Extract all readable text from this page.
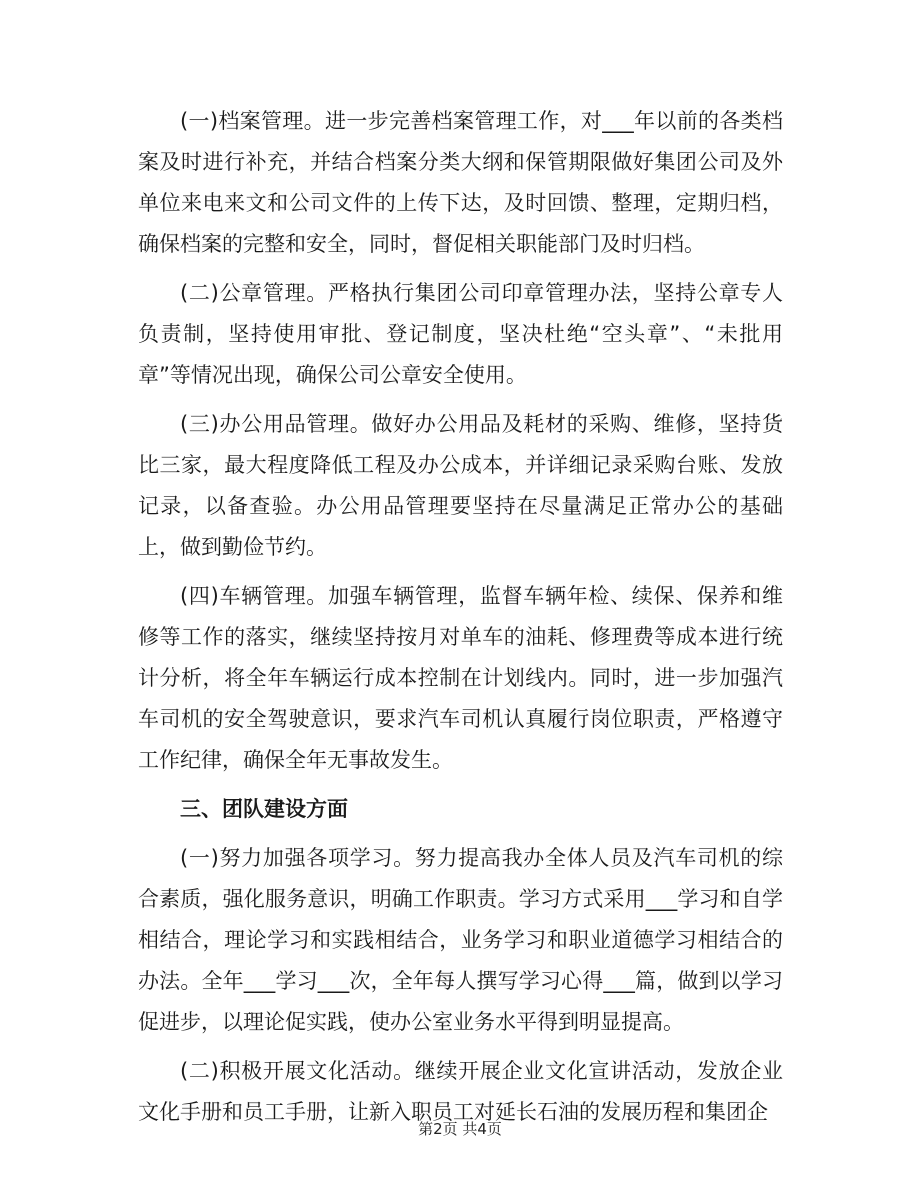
(一)档案管理。进一步完善档案管理工作，对___年以前的各类档案及时进行补充，并结合档案分类大纲和保管期限做好集团公司及外单位来电来文和公司文件的上传下达，及时回馈、整理，定期归档，确保档案的完整和安全，同时，督促相关职能部门及时归档。

(二)公章管理。严格执行集团公司印章管理办法，坚持公章专人负责制，坚持使用审批、登记制度，坚决杜绝“空头章”、“未批用章”等情况出现，确保公司公章安全使用。

(三)办公用品管理。做好办公用品及耗材的采购、维修，坚持货比三家，最大程度降低工程及办公成本，并详细记录采购台账、发放记录，以备查验。办公用品管理要坚持在尽量满足正常办公的基础上，做到勤俭节约。

(四)车辆管理。加强车辆管理，监督车辆年检、续保、保养和维修等工作的落实，继续坚持按月对单车的油耗、修理费等成本进行统计分析，将全年车辆运行成本控制在计划线内。同时，进一步加强汽车司机的安全驾驶意识，要求汽车司机认真履行岗位职责，严格遵守工作纪律，确保全年无事故发生。

三、团队建设方面

(一)努力加强各项学习。努力提高我办全体人员及汽车司机的综合素质，强化服务意识，明确工作职责。学习方式采用___学习和自学相结合，理论学习和实践相结合，业务学习和职业道德学习相结合的办法。全年___学习___次，全年每人撰写学习心得___篇，做到以学习促进步，以理论促实践，使办公室业务水平得到明显提高。

(二)积极开展文化活动。继续开展企业文化宣讲活动，发放企业文化手册和员工手册，让新入职员工对延长石油的发展历程和集团企

第2页 共4页
